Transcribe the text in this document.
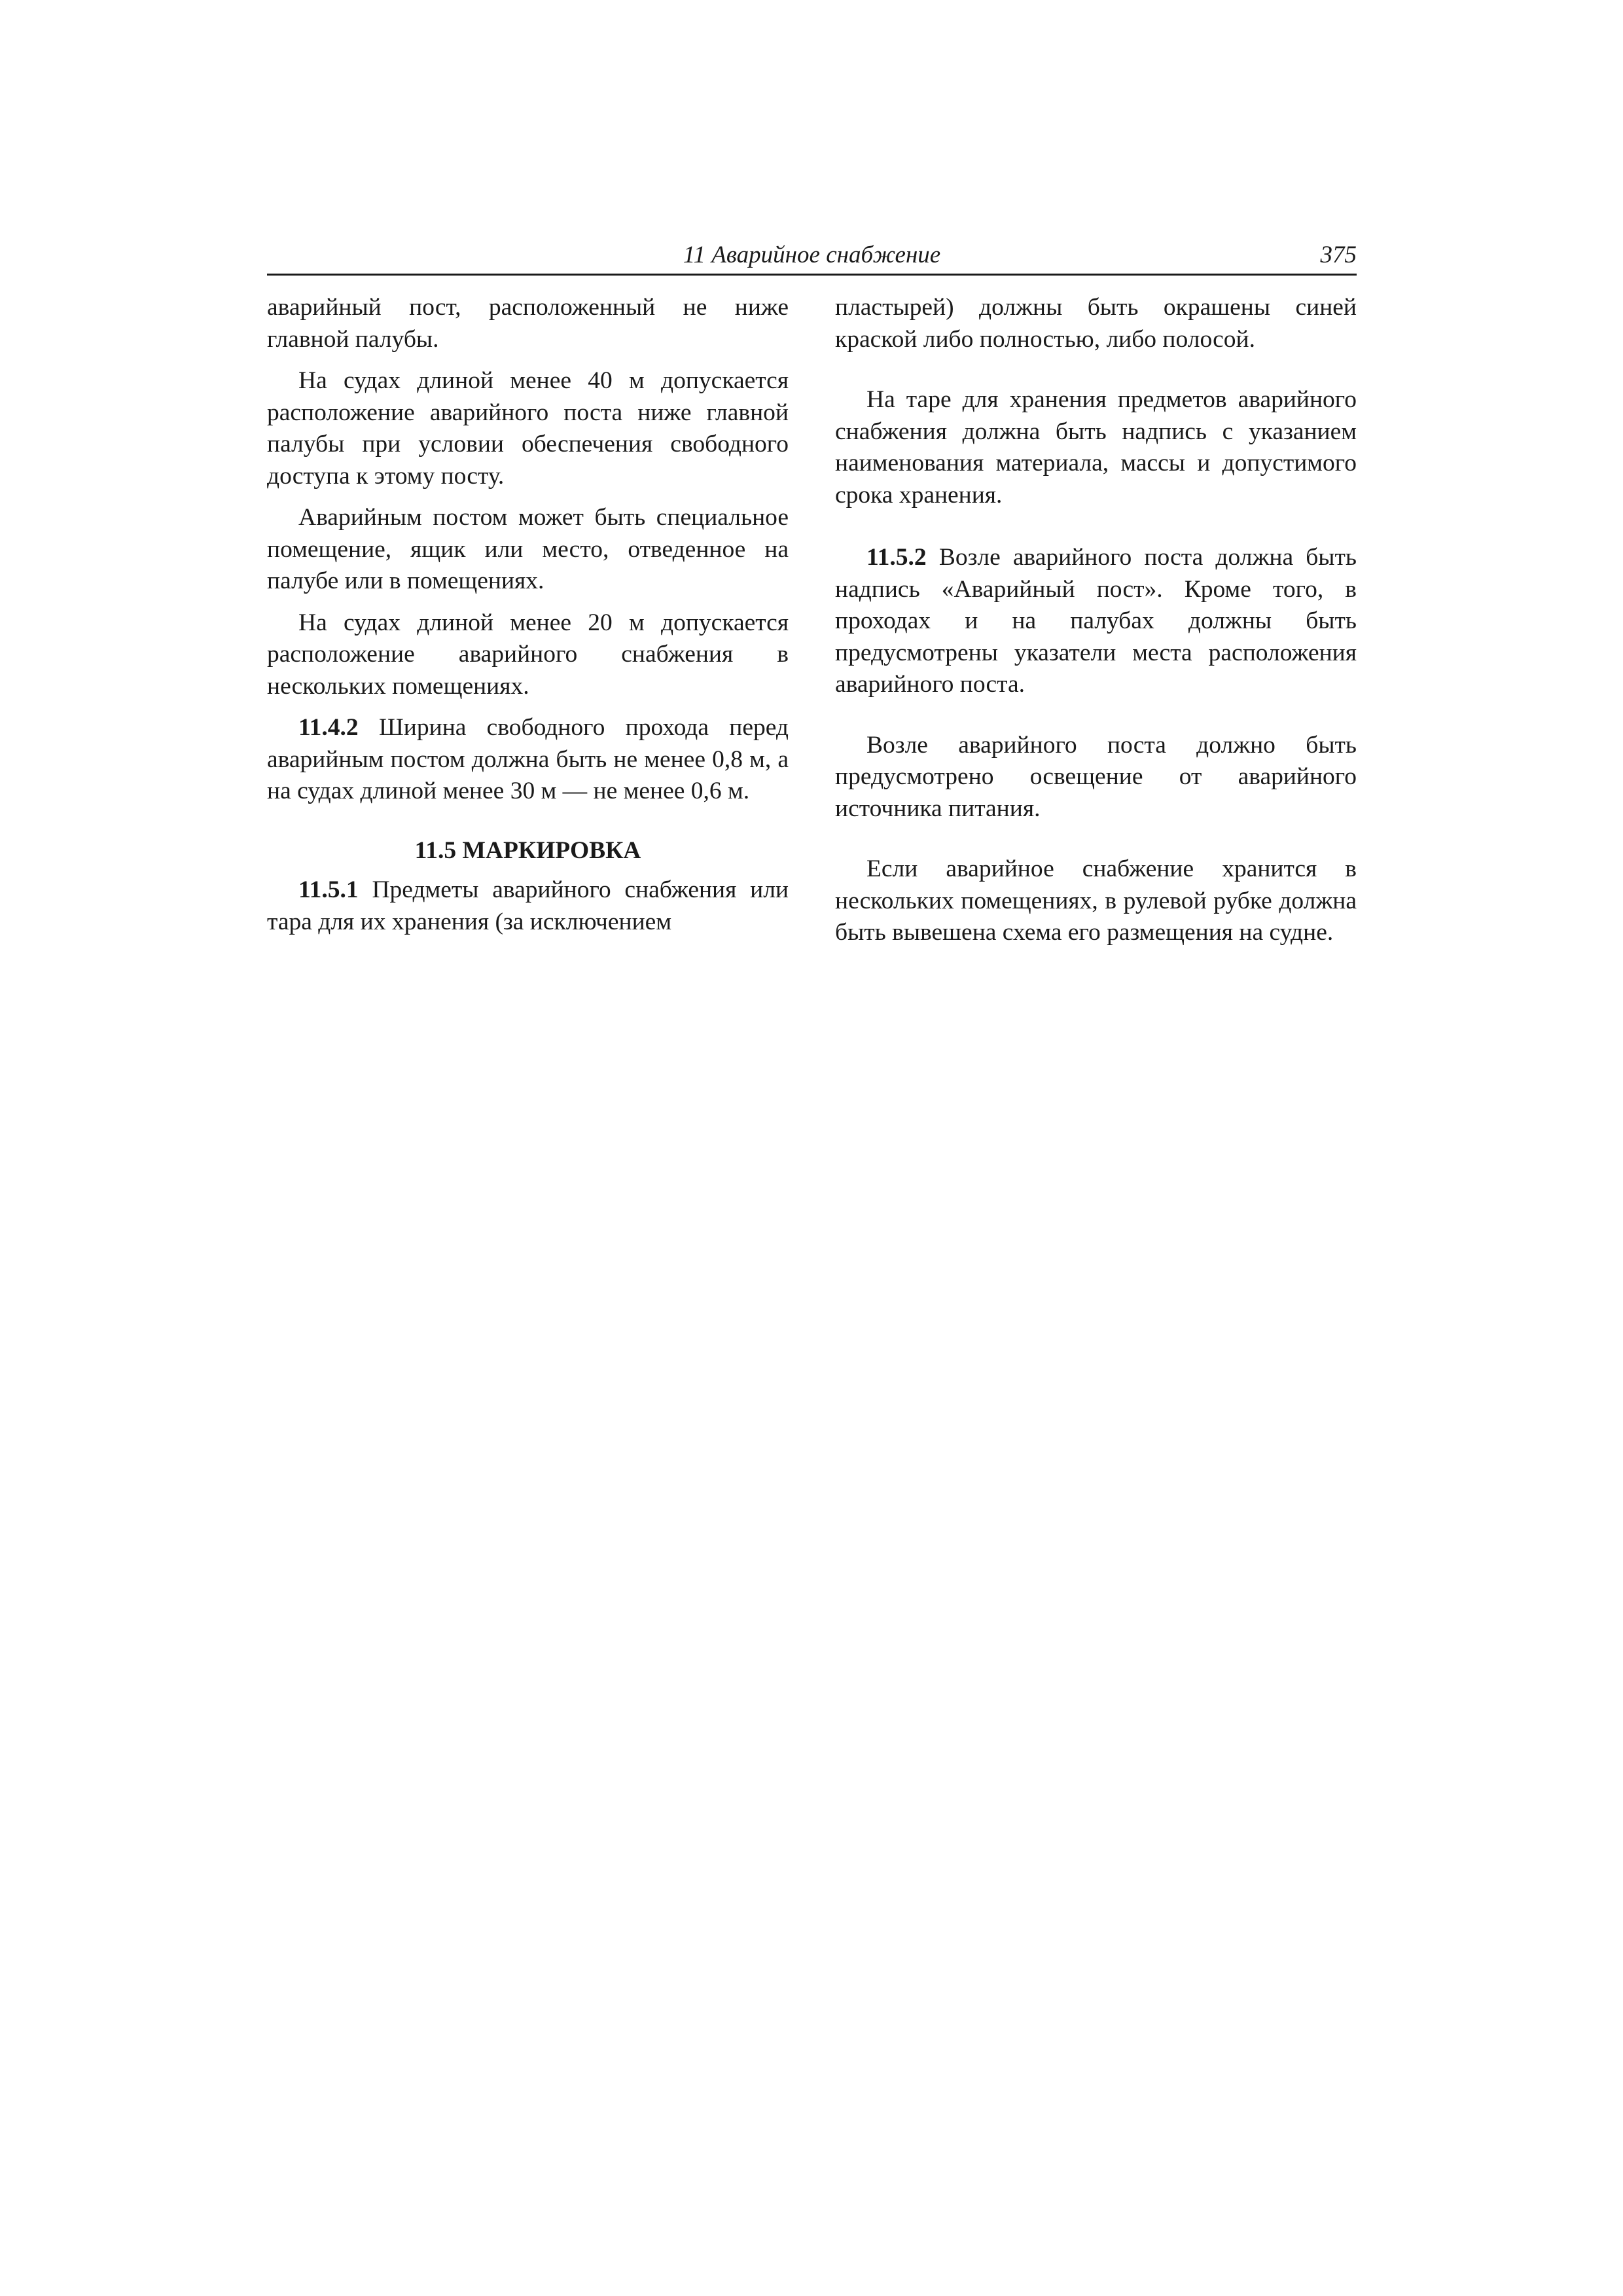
11 Аварийное снабжение	375

аварийный пост, расположенный не ниже главной палубы.

На судах длиной менее 40 м допускается расположение аварийного поста ниже главной палубы при условии обеспечения свободного доступа к этому посту.

Аварийным постом может быть специальное помещение, ящик или место, отведенное на палубе или в помещениях.

На судах длиной менее 20 м допускается расположение аварийного снабжения в нескольких помещениях.

11.4.2 Ширина свободного прохода перед аварийным постом должна быть не менее 0,8 м, а на судах длиной менее 30 м — не менее 0,6 м.

11.5 МАРКИРОВКА

11.5.1 Предметы аварийного снабжения или тара для их хранения (за исключением

пластырей) должны быть окрашены синей краской либо полностью, либо полосой.

На таре для хранения предметов аварийного снабжения должна быть надпись с указанием наименования материала, массы и допустимого срока хранения.

11.5.2 Возле аварийного поста должна быть надпись «Аварийный пост». Кроме того, в проходах и на палубах должны быть предусмотрены указатели места расположения аварийного поста.

Возле аварийного поста должно быть предусмотрено освещение от аварийного источника питания.

Если аварийное снабжение хранится в нескольких помещениях, в рулевой рубке должна быть вывешена схема его размещения на судне.
